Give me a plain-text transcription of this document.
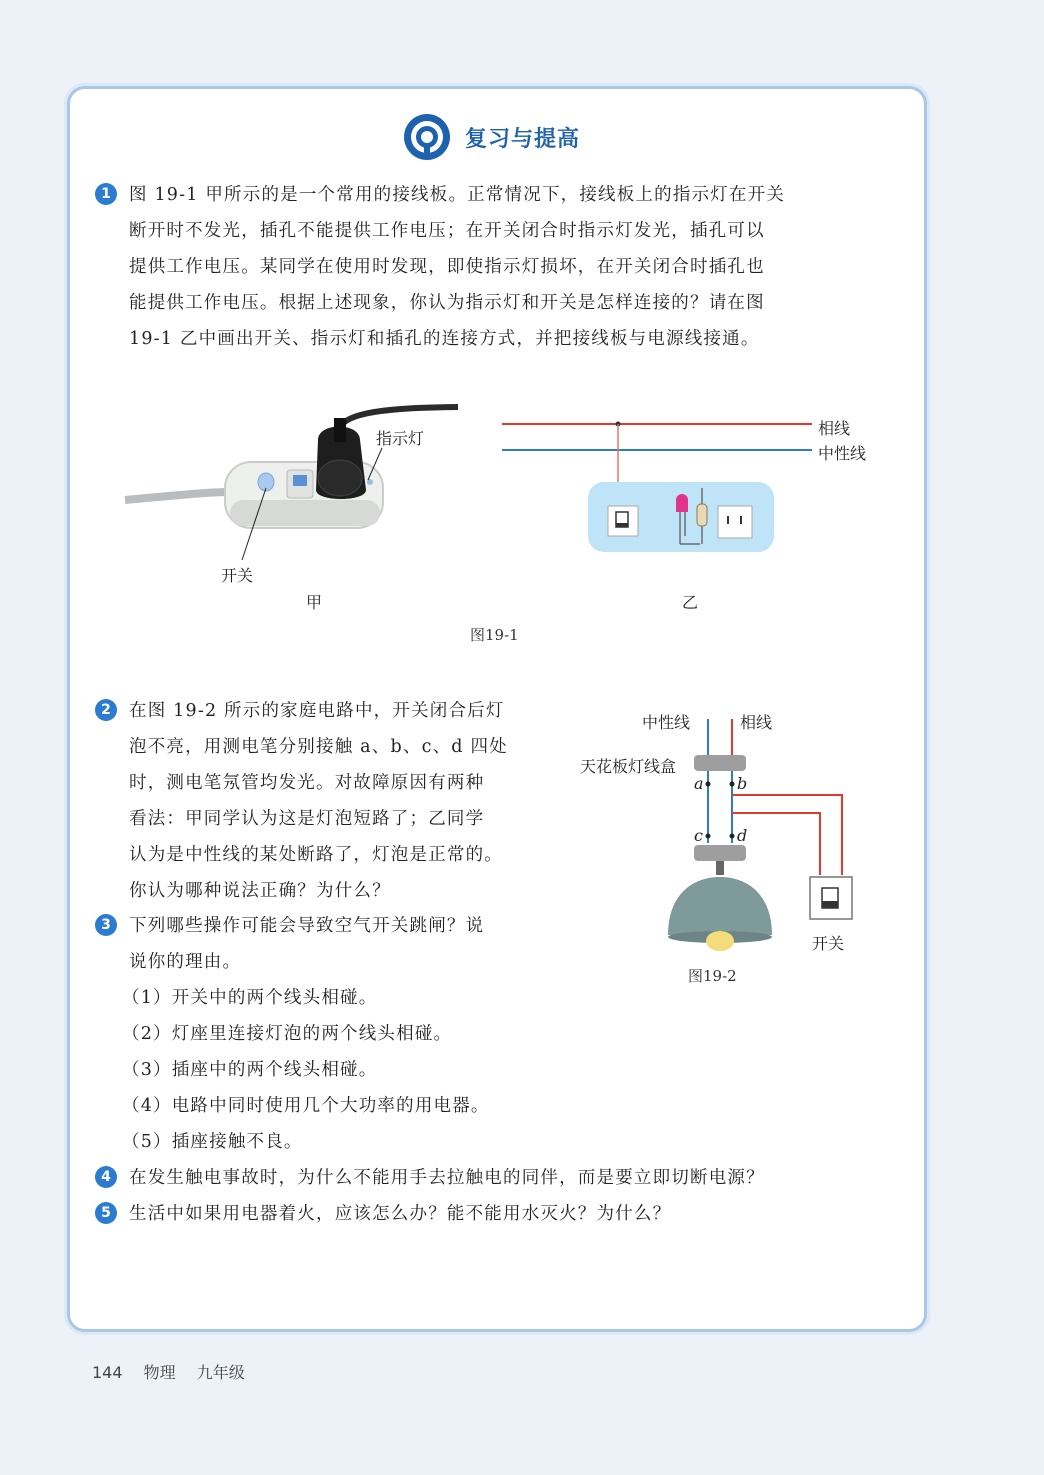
复习与提高
1	图 19-1 甲所示的是一个常用的接线板。正常情况下，接线板上的指示灯在开关
断开时不发光，插孔不能提供工作电压；在开关闭合时指示灯发光，插孔可以
提供工作电压。某同学在使用时发现，即使指示灯损坏，在开关闭合时插孔也
能提供工作电压。根据上述现象，你认为指示灯和开关是怎样连接的？请在图
19-1 乙中画出开关、指示灯和插孔的连接方式，并把接线板与电源线接通。
指示灯
开关
甲
相线
中性线
乙
图19-1
2	在图 19-2 所示的家庭电路中，开关闭合后灯
泡不亮，用测电笔分别接触 a、b、c、d 四处
时，测电笔氖管均发光。对故障原因有两种
看法：甲同学认为这是灯泡短路了；乙同学
认为是中性线的某处断路了，灯泡是正常的。
你认为哪种说法正确？为什么？
中性线	相线
天花板灯线盒
a b
c d
开关
图19-2
3	下列哪些操作可能会导致空气开关跳闸？说
说你的理由。
（1）开关中的两个线头相碰。
（2）灯座里连接灯泡的两个线头相碰。
（3）插座中的两个线头相碰。
（4）电路中同时使用几个大功率的用电器。
（5）插座接触不良。
4	在发生触电事故时，为什么不能用手去拉触电的同伴，而是要立即切断电源？
5	生活中如果用电器着火，应该怎么办？能不能用水灭火？为什么？
144 物理 九年级
